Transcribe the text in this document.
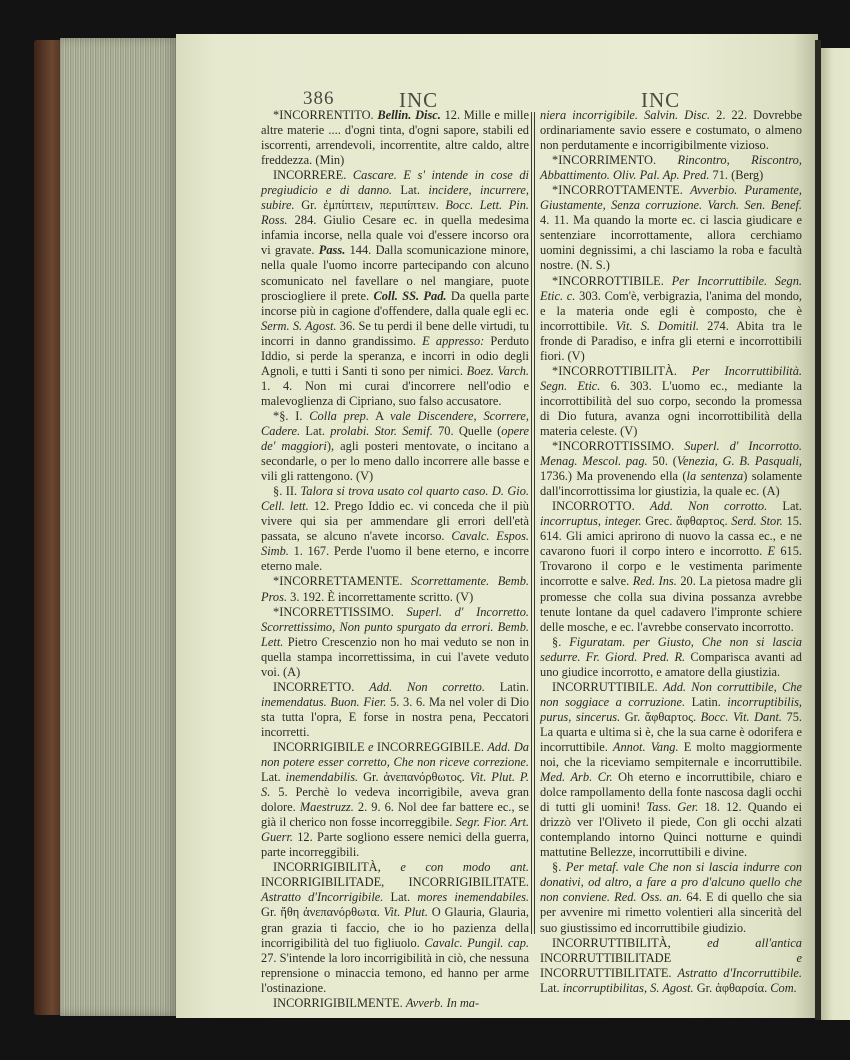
386	INC	INC

*INCORRENTITO. Bellin. Disc. 12. Mille e mille altre materie .... d'ogni tinta, d'ogni sapore, stabili ed iscorrenti, arrendevoli, incorrentite, altre caldo, altre freddezza. (Min)

INCORRERE. Cascare. E s' intende in cose di pregiudicio e di danno. Lat. incidere, incurrere, subire. Gr. ἐμπίπτειν, περιπίπτειν. Bocc. Lett. Pin. Ross. 284. Giulio Cesare ec. in quella medesima infamia incorse, nella quale voi d'essere incorso ora vi gravate. Pass. 144. Dalla scomunicazione minore, nella quale l'uomo incorre partecipando con alcuno scomunicato nel favellare o nel mangiare, puote prosciogliere il prete. Coll. SS. Pad. Da quella parte incorse più in cagione d'offendere, dalla quale egli ec. Serm. S. Agost. 36. Se tu perdi il bene delle virtudi, tu incorri in danno grandissimo. E appresso: Perduto Iddio, si perde la speranza, e incorri in odio degli Agnoli, e tutti i Santi ti sono per nimici. Boez. Varch. 1. 4. Non mi curai d'incorrere nell'odio e malevoglienza di Cipriano, suo falso accusatore.

*§. I. Colla prep. A vale Discendere, Scorrere, Cadere. Lat. prolabi. Stor. Semif. 70. Quelle (opere de' maggiori), agli posteri mentovate, o incitano a secondarle, o per lo meno dallo incorrere alle basse e vili gli rattengono. (V)

§. II. Talora si trova usato col quarto caso. D. Gio. Cell. lett. 12. Prego Iddio ec. vi conceda che il più vivere qui sia per ammendare gli errori dell'età passata, se alcuno n'avete incorso. Cavalc. Espos. Simb. 1. 167. Perde l'uomo il bene eterno, e incorre eterno male.

*INCORRETTAMENTE. Scorrettamente. Bemb. Pros. 3. 192. È incorrettamente scritto. (V)

*INCORRETTISSIMO. Superl. d' Incorretto. Scorrettissimo, Non punto spurgato da errori. Bemb. Lett. Pietro Crescenzio non ho mai veduto se non in quella stampa incorrettissima, in cui l'avete veduto voi. (A)

INCORRETTO. Add. Non corretto. Latin. inemendatus. Buon. Fier. 5. 3. 6. Ma nel voler di Dio sta tutta l'opra, E forse in nostra pena, Peccatori incorretti.

INCORRIGIBILE e INCORREGGIBILE. Add. Da non potere esser corretto, Che non riceve correzione. Lat. inemendabilis. Gr. ἀνεπανόρθωτος. Vit. Plut. P. S. 5. Perchè lo vedeva incorrigibile, aveva gran dolore. Maestruzz. 2. 9. 6. Nol dee far battere ec., se già il cherico non fosse incorreggibile. Segr. Fior. Art. Guerr. 12. Parte sogliono essere nemici della guerra, parte incorreggibili.

INCORRIGIBILITÀ, e con modo ant. INCORRIGIBILITADE, INCORRIGIBILITATE. Astratto d'Incorrigibile. Lat. mores inemendabiles. Gr. ἤθη ἀνεπανόρθωτα. Vit. Plut. O Glauria, Glauria, gran grazia ti faccio, che io ho pazienza della incorrigibilità del tuo figliuolo. Cavalc. Pungil. cap. 27. S'intende la loro incorrigibilità in ciò, che nessuna reprensione o minaccia temono, ed hanno per arme l'ostinazione.

INCORRIGIBILMENTE. Avverb. In ma-

niera incorrigibile. Salvin. Disc. 2. 22. Dovrebbe ordinariamente savio essere e costumato, o almeno non perdutamente e incorrigibilmente vizioso.

*INCORRIMENTO. Rincontro, Riscontro, Abbattimento. Oliv. Pal. Ap. Pred. 71. (Berg)

*INCORROTTAMENTE. Avverbio. Puramente, Giustamente, Senza corruzione. Varch. Sen. Benef. 4. 11. Ma quando la morte ec. ci lascia giudicare e sentenziare incorrottamente, allora cerchiamo uomini degnissimi, a chi lasciamo la roba e facultà nostre. (N. S.)

*INCORROTTIBILE. Per Incorruttibile. Segn. Etic. c. 303. Com'è, verbigrazia, l'anima del mondo, e la materia onde egli è composto, che è incorrottibile. Vit. S. Domitil. 274. Abita tra le fronde di Paradiso, e infra gli eterni e incorrottibili fiori. (V)

*INCORROTTIBILITÀ. Per Incorruttibilità. Segn. Etic. 6. 303. L'uomo ec., mediante la incorrottibilità del suo corpo, secondo la promessa di Dio futura, avanza ogni incorrottibilità della materia celeste. (V)

*INCORROTTISSIMO. Superl. d' Incorrotto. Menag. Mescol. pag. 50. (Venezia, G. B. Pasquali, 1736.) Ma provenendo ella (la sentenza) solamente dall'incorrottissima lor giustizia, la quale ec. (A)

INCORROTTO. Add. Non corrotto. Lat. incorruptus, integer. Grec. ἄφθαρτος. Serd. Stor. 15. 614. Gli amici aprirono di nuovo la cassa ec., e ne cavarono fuori il corpo intero e incorrotto. E 615. Trovarono il corpo e le vestimenta parimente incorrotte e salve. Red. Ins. 20. La pietosa madre gli promesse che colla sua divina possanza avrebbe tenute lontane da quel cadavero l'impronte schiere delle mosche, e ec. l'avrebbe conservato incorrotto.

§. Figuratam. per Giusto, Che non si lascia sedurre. Fr. Giord. Pred. R. Comparisca avanti ad uno giudice incorrotto, e amatore della giustizia.

INCORRUTTIBILE. Add. Non corruttibile, Che non soggiace a corruzione. Latin. incorruptibilis, purus, sincerus. Gr. ἄφθαρτος. Bocc. Vit. Dant. 75. La quarta e ultima si è, che la sua carne è odorifera e incorruttibile. Annot. Vang. E molto maggiormente noi, che la riceviamo sempiternale e incorruttibile. Med. Arb. Cr. Oh eterno e incorruttibile, chiaro e dolce rampollamento della fonte nascosa dagli occhi di tutti gli uomini! Tass. Ger. 18. 12. Quando ei drizzò ver l'Oliveto il piede, Con gli occhi alzati contemplando intorno Quinci notturne e quindi mattutine Bellezze, incorruttibili e divine.

§. Per metaf. vale Che non si lascia indurre con donativi, od altro, a fare a pro d'alcuno quello che non conviene. Red. Oss. an. 64. E di quello che sia per avvenire mi rimetto volentieri alla sincerità del suo giustissimo ed incorruttibile giudizio.

INCORRUTTIBILITÀ, ed all'antica INCORRUTTIBILITADE e INCORRUTTIBILITATE. Astratto d'Incorruttibile. Lat. incorruptibilitas, S. Agost. Gr. ἀφθαρσία. Com.
